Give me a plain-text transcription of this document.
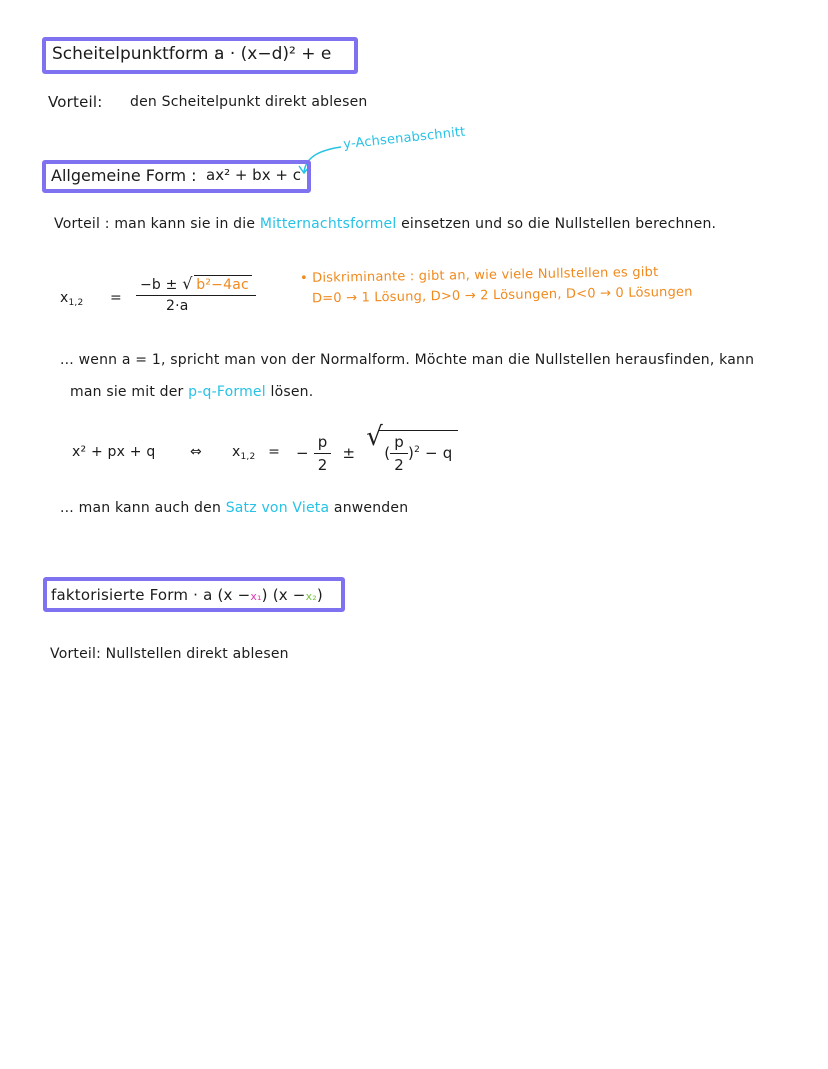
Scheitelpunktform :
a · (x−d)² + e
Vorteil: den Scheitelpunkt direkt ablesen
y-Achsenabschnitt
Allgemeine Form : ax² + bx + c
Vorteil : man kann sie in die Mitternachtsformel einsetzen und so die Nullstellen berechnen.
$x_{1,2} = \frac{\text{−b ± √ b²−4ac}}{2\cdot a}$
• Diskriminante : gibt an, wie viele Nullstellen es gibt
D=0 → 1 Lösung, D>0 → 2 Lösungen, D<0 → 0 Lösungen
... wenn a = 1, spricht man von der Normalform. Möchte man die Nullstellen herausfinden, kann
man sie mit der p-q-Formel lösen.
x² + px + q ⇔ $x_{1,2}$ = − $\frac{p}{2}$ ±
√
( $\frac{p}{2} )^2 - q$
... man kann auch den Satz von Vieta anwenden
faktorisierte Form · a (x −x₁) (x −x₂)
Vorteil: Nullstellen direkt ablesen
